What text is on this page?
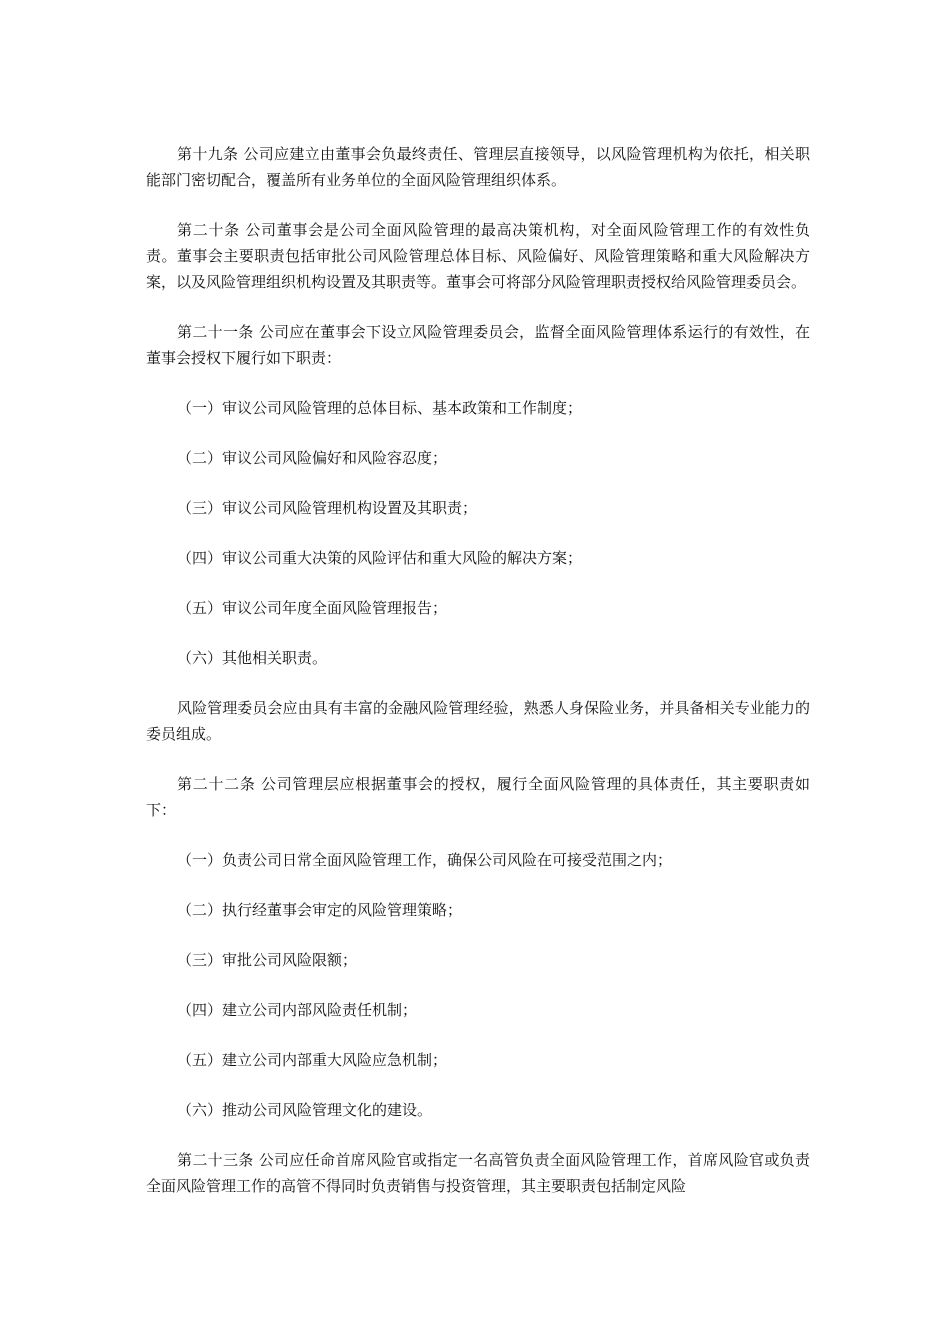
第十九条 公司应建立由董事会负最终责任、管理层直接领导，以风险管理机构为依托，相关职能部门密切配合，覆盖所有业务单位的全面风险管理组织体系。

第二十条 公司董事会是公司全面风险管理的最高决策机构，对全面风险管理工作的有效性负责。董事会主要职责包括审批公司风险管理总体目标、风险偏好、风险管理策略和重大风险解决方案，以及风险管理组织机构设置及其职责等。董事会可将部分风险管理职责授权给风险管理委员会。

第二十一条 公司应在董事会下设立风险管理委员会，监督全面风险管理体系运行的有效性，在董事会授权下履行如下职责：

（一）审议公司风险管理的总体目标、基本政策和工作制度；

（二）审议公司风险偏好和风险容忍度；

（三）审议公司风险管理机构设置及其职责；

（四）审议公司重大决策的风险评估和重大风险的解决方案；

（五）审议公司年度全面风险管理报告；

（六）其他相关职责。

风险管理委员会应由具有丰富的金融风险管理经验，熟悉人身保险业务，并具备相关专业能力的委员组成。

第二十二条 公司管理层应根据董事会的授权，履行全面风险管理的具体责任，其主要职责如下：

（一）负责公司日常全面风险管理工作，确保公司风险在可接受范围之内；

（二）执行经董事会审定的风险管理策略；

（三）审批公司风险限额；

（四）建立公司内部风险责任机制；

（五）建立公司内部重大风险应急机制；

（六）推动公司风险管理文化的建设。

第二十三条 公司应任命首席风险官或指定一名高管负责全面风险管理工作，首席风险官或负责全面风险管理工作的高管不得同时负责销售与投资管理，其主要职责包括制定风险
